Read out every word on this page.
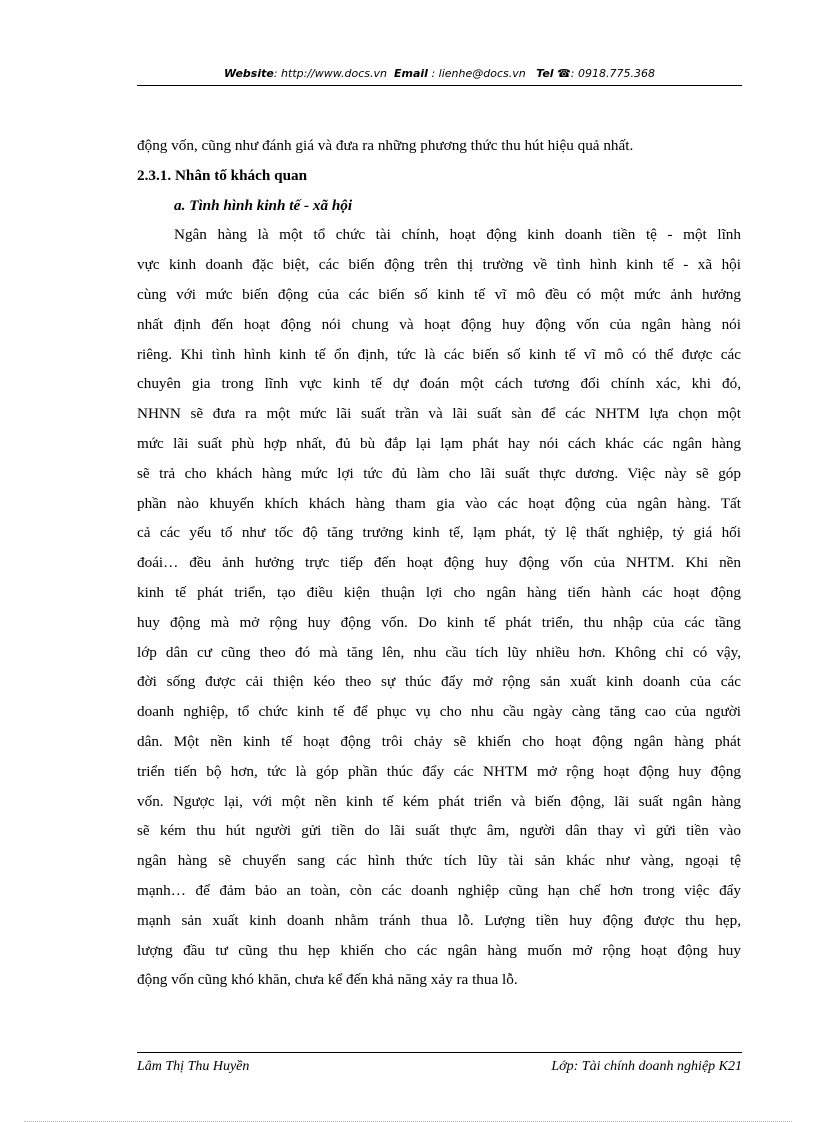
Website: http://www.docs.vn Email : lienhe@docs.vn Tel ☎: 0918.775.368
động vốn, cũng như đánh giá và đưa ra những phương thức thu hút hiệu quả nhất.
2.3.1. Nhân tố khách quan
a. Tình hình kinh tế - xã hội
Ngân hàng là một tổ chức tài chính, hoạt động kinh doanh tiền tệ - một lĩnh
vực kinh doanh đặc biệt, các biến động trên thị trường về tình hình kinh tế - xã hội
cùng với mức biến động của các biến số kinh tế vĩ mô đều có một mức ảnh hưởng
nhất định đến hoạt động nói chung và hoạt động huy động vốn của ngân hàng nói
riêng. Khi tình hình kinh tế ổn định, tức là các biến số kinh tế vĩ mô có thể được các
chuyên gia trong lĩnh vực kinh tế dự đoán một cách tương đối chính xác, khi đó,
NHNN sẽ đưa ra một mức lãi suất trần và lãi suất sàn để các NHTM lựa chọn một
mức lãi suất phù hợp nhất, đủ bù đắp lại lạm phát hay nói cách khác các ngân hàng
sẽ trả cho khách hàng mức lợi tức đủ làm cho lãi suất thực dương. Việc này sẽ góp
phần nào khuyến khích khách hàng tham gia vào các hoạt động của ngân hàng. Tất
cả các yếu tố như tốc độ tăng trưởng kinh tế, lạm phát, tỷ lệ thất nghiệp, tỷ giá hối
đoái… đều ảnh hưởng trực tiếp đến hoạt động huy động vốn của NHTM. Khi nền
kinh tế phát triển, tạo điều kiện thuận lợi cho ngân hàng tiến hành các hoạt động
huy động mà mở rộng huy động vốn. Do kinh tế phát triển, thu nhập của các tầng
lớp dân cư cũng theo đó mà tăng lên, nhu cầu tích lũy nhiều hơn. Không chỉ có vậy,
đời sống được cải thiện kéo theo sự thúc đẩy mở rộng sản xuất kinh doanh của các
doanh nghiệp, tổ chức kinh tế để phục vụ cho nhu cầu ngày càng tăng cao của người
dân. Một nền kinh tế hoạt động trôi chảy sẽ khiến cho hoạt động ngân hàng phát
triển tiến bộ hơn, tức là góp phần thúc đẩy các NHTM mở rộng hoạt động huy động
vốn. Ngược lại, với một nền kinh tế kém phát triển và biến động, lãi suất ngân hàng
sẽ kém thu hút người gửi tiền do lãi suất thực âm, người dân thay vì gửi tiền vào
ngân hàng sẽ chuyển sang các hình thức tích lũy tài sản khác như vàng, ngoại tệ
mạnh… để đảm bảo an toàn, còn các doanh nghiệp cũng hạn chế hơn trong việc đẩy
mạnh sản xuất kinh doanh nhằm tránh thua lỗ. Lượng tiền huy động được thu hẹp,
lượng đầu tư cũng thu hẹp khiến cho các ngân hàng muốn mở rộng hoạt động huy
động vốn cũng khó khăn, chưa kể đến khả năng xảy ra thua lỗ.
Lâm Thị Thu Huyền	Lớp: Tài chính doanh nghiệp K21
